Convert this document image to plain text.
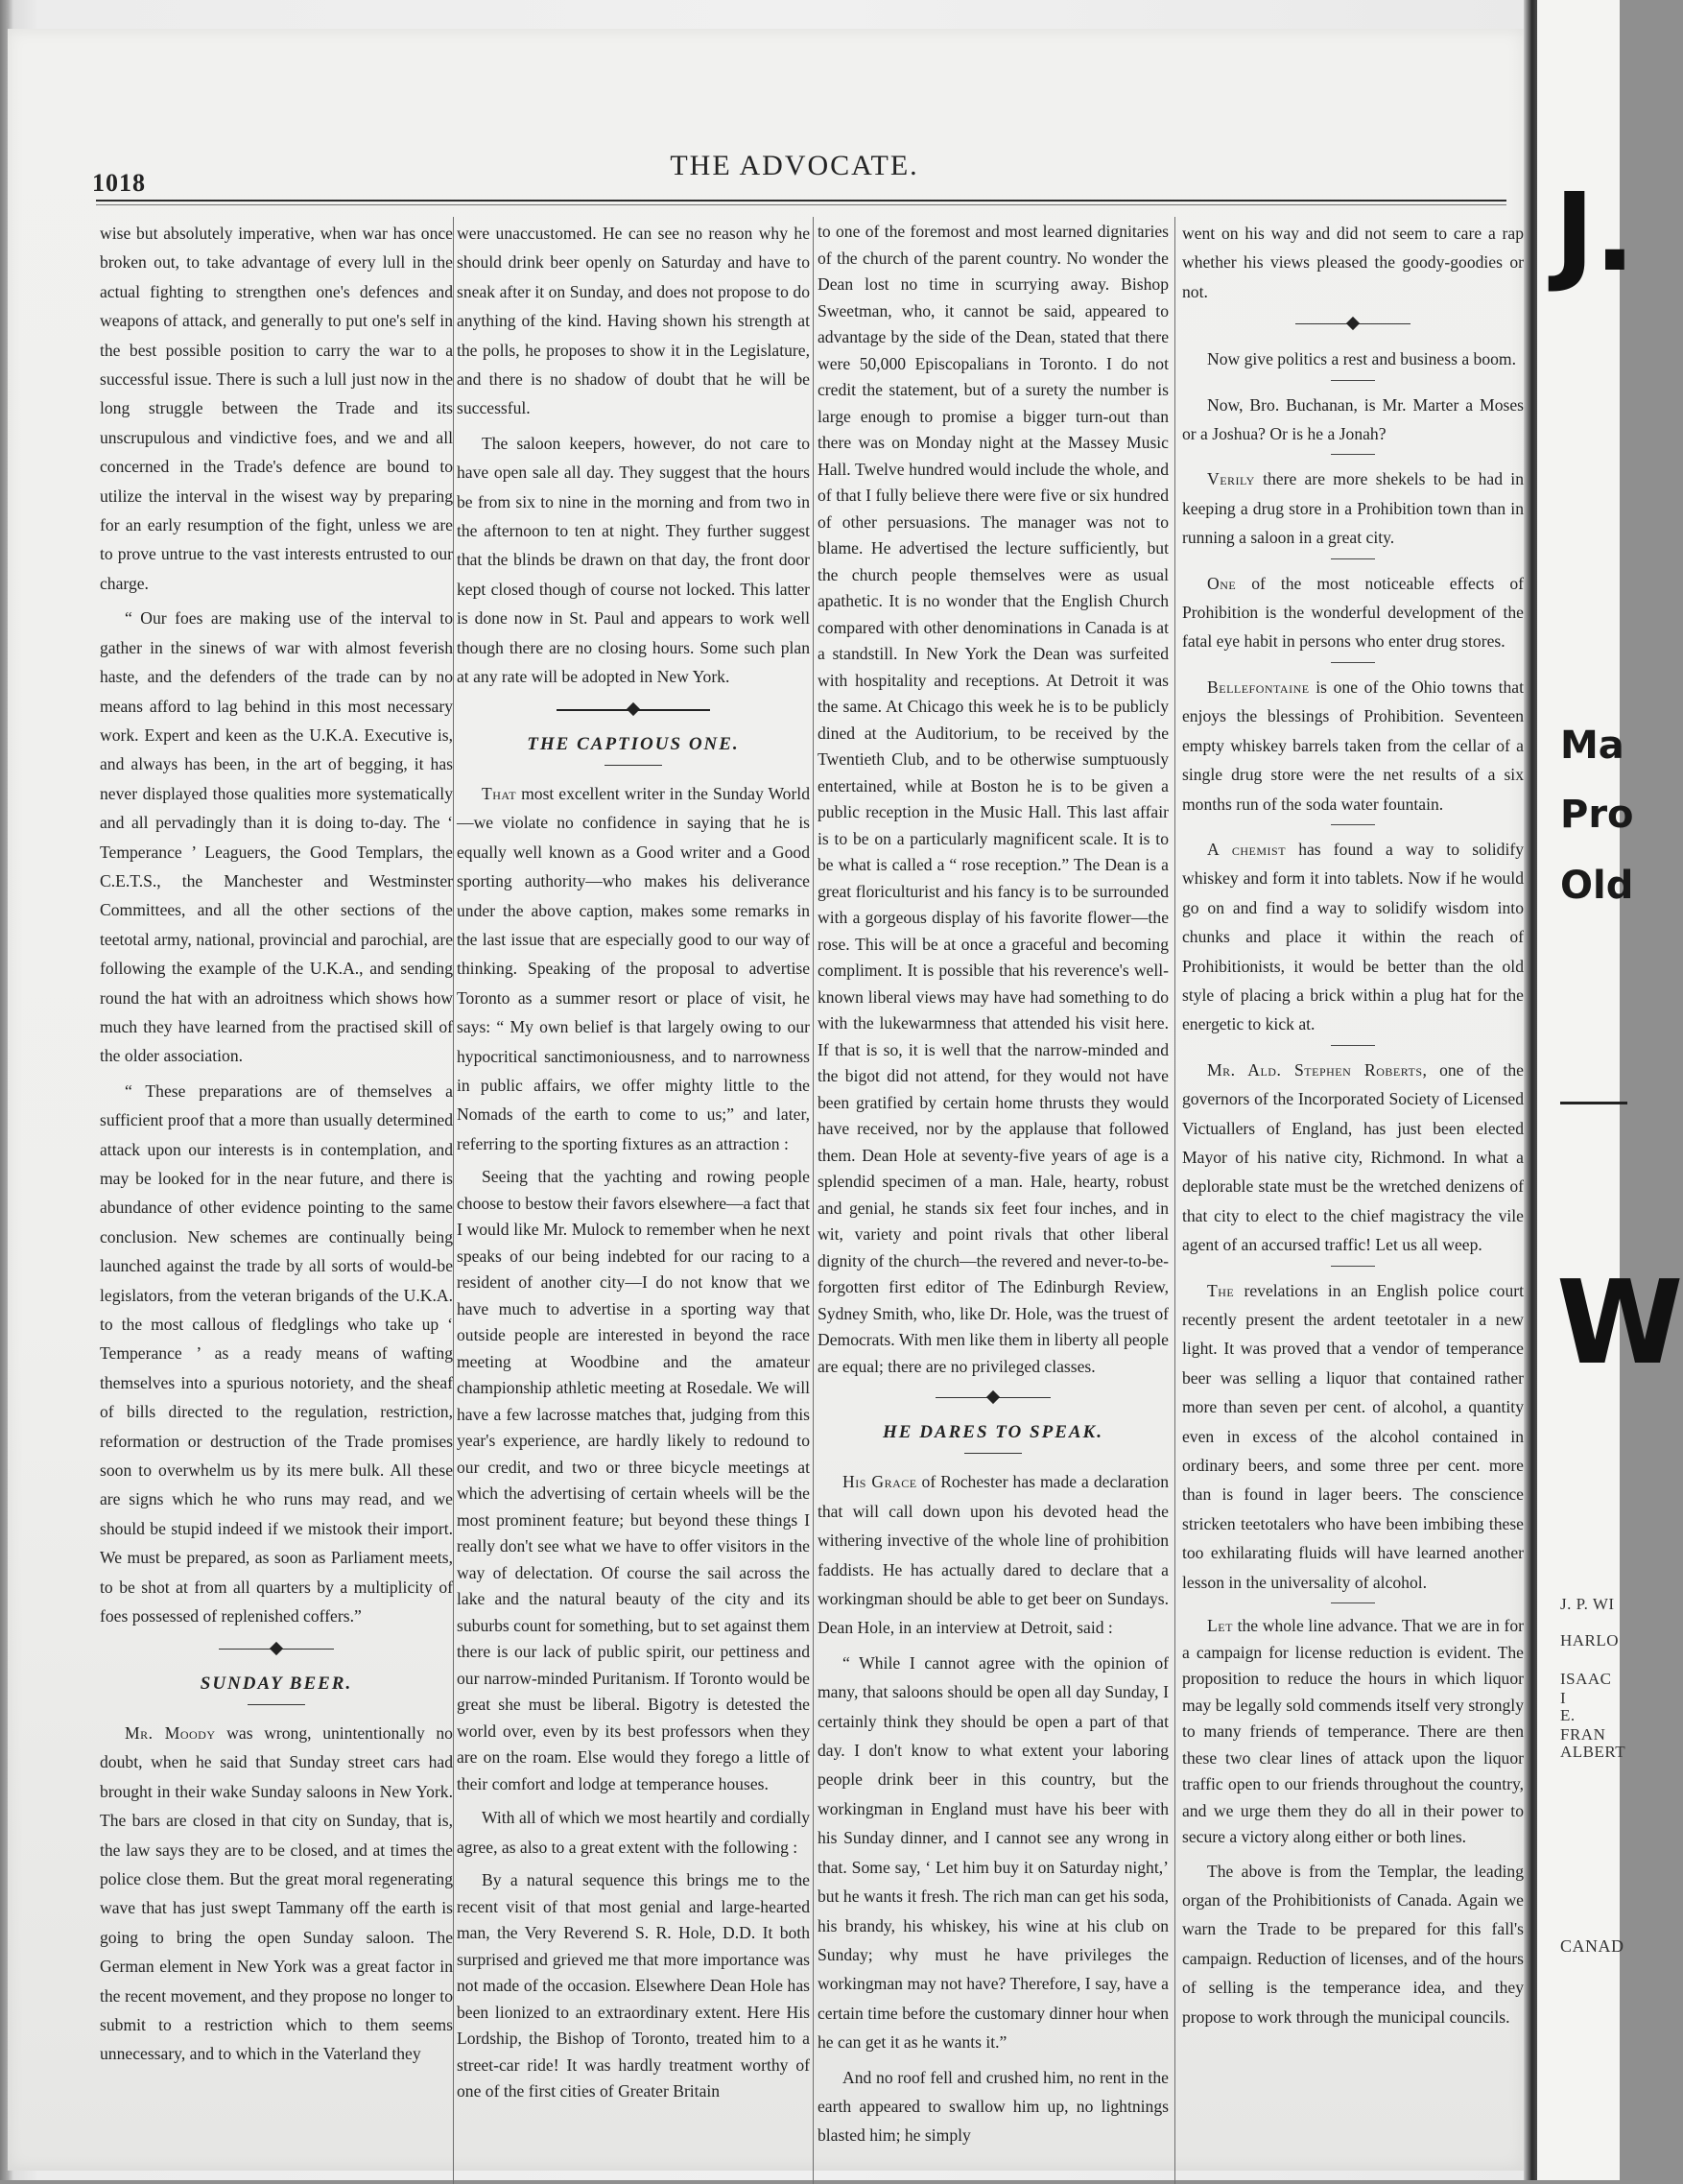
1018
THE ADVOCATE.

wise but absolutely imperative, when war has once broken out, to take advantage of every lull in the actual fighting to strengthen one's defences and weapons of attack, and generally to put one's self in the best possible position to carry the war to a successful issue. There is such a lull just now in the long struggle between the Trade and its unscrupulous and vindictive foes, and we and all concerned in the Trade's defence are bound to utilize the interval in the wisest way by preparing for an early resumption of the fight, unless we are to prove untrue to the vast interests entrusted to our charge.

“ Our foes are making use of the interval to gather in the sinews of war with almost feverish haste, and the defenders of the trade can by no means afford to lag behind in this most necessary work. Expert and keen as the U.K.A. Executive is, and always has been, in the art of begging, it has never displayed those qualities more systematically and all pervadingly than it is doing to-day. The ‘ Temperance ’ Leaguers, the Good Templars, the C.E.T.S., the Manchester and Westminster Committees, and all the other sections of the teetotal army, national, provincial and parochial, are following the example of the U.K.A., and sending round the hat with an adroitness which shows how much they have learned from the practised skill of the older association.

“ These preparations are of themselves a sufficient proof that a more than usually determined attack upon our interests is in contemplation, and may be looked for in the near future, and there is abundance of other evidence pointing to the same conclusion. New schemes are continually being launched against the trade by all sorts of would-be legislators, from the veteran brigands of the U.K.A. to the most callous of fledglings who take up ‘ Temperance ’ as a ready means of wafting themselves into a spurious notoriety, and the sheaf of bills directed to the regulation, restriction, reformation or destruction of the Trade promises soon to overwhelm us by its mere bulk. All these are signs which he who runs may read, and we should be stupid indeed if we mistook their import. We must be prepared, as soon as Parliament meets, to be shot at from all quarters by a multiplicity of foes possessed of replenished coffers.”

SUNDAY BEER.

Mr. Moody was wrong, unintentionally no doubt, when he said that Sunday street cars had brought in their wake Sunday saloons in New York. The bars are closed in that city on Sunday, that is, the law says they are to be closed, and at times the police close them. But the great moral regenerating wave that has just swept Tammany off the earth is going to bring the open Sunday saloon. The German element in New York was a great factor in the recent movement, and they propose no longer to submit to a restriction which to them seems unnecessary, and to which in the Vaterland they

were unaccustomed. He can see no reason why he should drink beer openly on Saturday and have to sneak after it on Sunday, and does not propose to do anything of the kind. Having shown his strength at the polls, he proposes to show it in the Legislature, and there is no shadow of doubt that he will be successful.

The saloon keepers, however, do not care to have open sale all day. They suggest that the hours be from six to nine in the morning and from two in the afternoon to ten at night. They further suggest that the blinds be drawn on that day, the front door kept closed though of course not locked. This latter is done now in St. Paul and appears to work well though there are no closing hours. Some such plan at any rate will be adopted in New York.

THE CAPTIOUS ONE.

That most excellent writer in the Sunday World—we violate no confidence in saying that he is equally well known as a Good writer and a Good sporting authority—who makes his deliverance under the above caption, makes some remarks in the last issue that are especially good to our way of thinking. Speaking of the proposal to advertise Toronto as a summer resort or place of visit, he says: “ My own belief is that largely owing to our hypocritical sanctimoniousness, and to narrowness in public affairs, we offer mighty little to the Nomads of the earth to come to us;” and later, referring to the sporting fixtures as an attraction :

Seeing that the yachting and rowing people choose to bestow their favors elsewhere—a fact that I would like Mr. Mulock to remember when he next speaks of our being indebted for our racing to a resident of another city—I do not know that we have much to advertise in a sporting way that outside people are interested in beyond the race meeting at Woodbine and the amateur championship athletic meeting at Rosedale. We will have a few lacrosse matches that, judging from this year's experience, are hardly likely to redound to our credit, and two or three bicycle meetings at which the advertising of certain wheels will be the most prominent feature; but beyond these things I really don't see what we have to offer visitors in the way of delectation. Of course the sail across the lake and the natural beauty of the city and its suburbs count for something, but to set against them there is our lack of public spirit, our pettiness and our narrow-minded Puritanism. If Toronto would be great she must be liberal. Bigotry is detested the world over, even by its best professors when they are on the roam. Else would they forego a little of their comfort and lodge at temperance houses.

With all of which we most heartily and cordially agree, as also to a great extent with the following :

By a natural sequence this brings me to the recent visit of that most genial and large-hearted man, the Very Reverend S. R. Hole, D.D. It both surprised and grieved me that more importance was not made of the occasion. Elsewhere Dean Hole has been lionized to an extraordinary extent. Here His Lordship, the Bishop of Toronto, treated him to a street-car ride! It was hardly treatment worthy of one of the first cities of Greater Britain

to one of the foremost and most learned dignitaries of the church of the parent country. No wonder the Dean lost no time in scurrying away. Bishop Sweetman, who, it cannot be said, appeared to advantage by the side of the Dean, stated that there were 50,000 Episcopalians in Toronto. I do not credit the statement, but of a surety the number is large enough to promise a bigger turn-out than there was on Monday night at the Massey Music Hall. Twelve hundred would include the whole, and of that I fully believe there were five or six hundred of other persuasions. The manager was not to blame. He advertised the lecture sufficiently, but the church people themselves were as usual apathetic. It is no wonder that the English Church compared with other denominations in Canada is at a standstill. In New York the Dean was surfeited with hospitality and receptions. At Detroit it was the same. At Chicago this week he is to be publicly dined at the Auditorium, to be received by the Twentieth Club, and to be otherwise sumptuously entertained, while at Boston he is to be given a public reception in the Music Hall. This last affair is to be on a particularly magnificent scale. It is to be what is called a “ rose reception.” The Dean is a great floriculturist and his fancy is to be surrounded with a gorgeous display of his favorite flower—the rose. This will be at once a graceful and becoming compliment. It is possible that his reverence's well-known liberal views may have had something to do with the lukewarmness that attended his visit here. If that is so, it is well that the narrow-minded and the bigot did not attend, for they would not have been gratified by certain home thrusts they would have received, nor by the applause that followed them. Dean Hole at seventy-five years of age is a splendid specimen of a man. Hale, hearty, robust and genial, he stands six feet four inches, and in wit, variety and point rivals that other liberal dignity of the church—the revered and never-to-be-forgotten first editor of The Edinburgh Review, Sydney Smith, who, like Dr. Hole, was the truest of Democrats. With men like them in liberty all people are equal; there are no privileged classes.

HE DARES TO SPEAK.

His Grace of Rochester has made a declaration that will call down upon his devoted head the withering invective of the whole line of prohibition faddists. He has actually dared to declare that a workingman should be able to get beer on Sundays. Dean Hole, in an interview at Detroit, said :

“ While I cannot agree with the opinion of many, that saloons should be open all day Sunday, I certainly think they should be open a part of that day. I don't know to what extent your laboring people drink beer in this country, but the workingman in England must have his beer with his Sunday dinner, and I cannot see any wrong in that. Some say, ‘ Let him buy it on Saturday night,’ but he wants it fresh. The rich man can get his soda, his brandy, his whiskey, his wine at his club on Sunday; why must he have privileges the workingman may not have? Therefore, I say, have a certain time before the customary dinner hour when he can get it as he wants it.”

And no roof fell and crushed him, no rent in the earth appeared to swallow him up, no lightnings blasted him; he simply

went on his way and did not seem to care a rap whether his views pleased the goody-goodies or not.

Now give politics a rest and business a boom.

Now, Bro. Buchanan, is Mr. Marter a Moses or a Joshua? Or is he a Jonah?

Verily there are more shekels to be had in keeping a drug store in a Prohibition town than in running a saloon in a great city.

One of the most noticeable effects of Prohibition is the wonderful development of the fatal eye habit in persons who enter drug stores.

Bellefontaine is one of the Ohio towns that enjoys the blessings of Prohibition. Seventeen empty whiskey barrels taken from the cellar of a single drug store were the net results of a six months run of the soda water fountain.

A chemist has found a way to solidify whiskey and form it into tablets. Now if he would go on and find a way to solidify wisdom into chunks and place it within the reach of Prohibitionists, it would be better than the old style of placing a brick within a plug hat for the energetic to kick at.

Mr. Ald. Stephen Roberts, one of the governors of the Incorporated Society of Licensed Victuallers of England, has just been elected Mayor of his native city, Richmond. In what a deplorable state must be the wretched denizens of that city to elect to the chief magistracy the vile agent of an accursed traffic! Let us all weep.

The revelations in an English police court recently present the ardent teetotaler in a new light. It was proved that a vendor of temperance beer was selling a liquor that contained rather more than seven per cent. of alcohol, a quantity even in excess of the alcohol contained in ordinary beers, and some three per cent. more than is found in lager beers. The conscience stricken teetotalers who have been imbibing these too exhilarating fluids will have learned another lesson in the universality of alcohol.

Let the whole line advance. That we are in for a campaign for license reduction is evident. The proposition to reduce the hours in which liquor may be legally sold commends itself very strongly to many friends of temperance. There are then these two clear lines of attack upon the liquor traffic open to our friends throughout the country, and we urge them they do all in their power to secure a victory along either or both lines.

The above is from the Templar, the leading organ of the Prohibitionists of Canada. Again we warn the Trade to be prepared for this fall's campaign. Reduction of licenses, and of the hours of selling is the temperance idea, and they propose to work through the municipal councils.

J.
Ma
Pro
Old
W
J. P. WI
HARLO
ISAAC I
E. FRAN
ALBERT
CANAD
